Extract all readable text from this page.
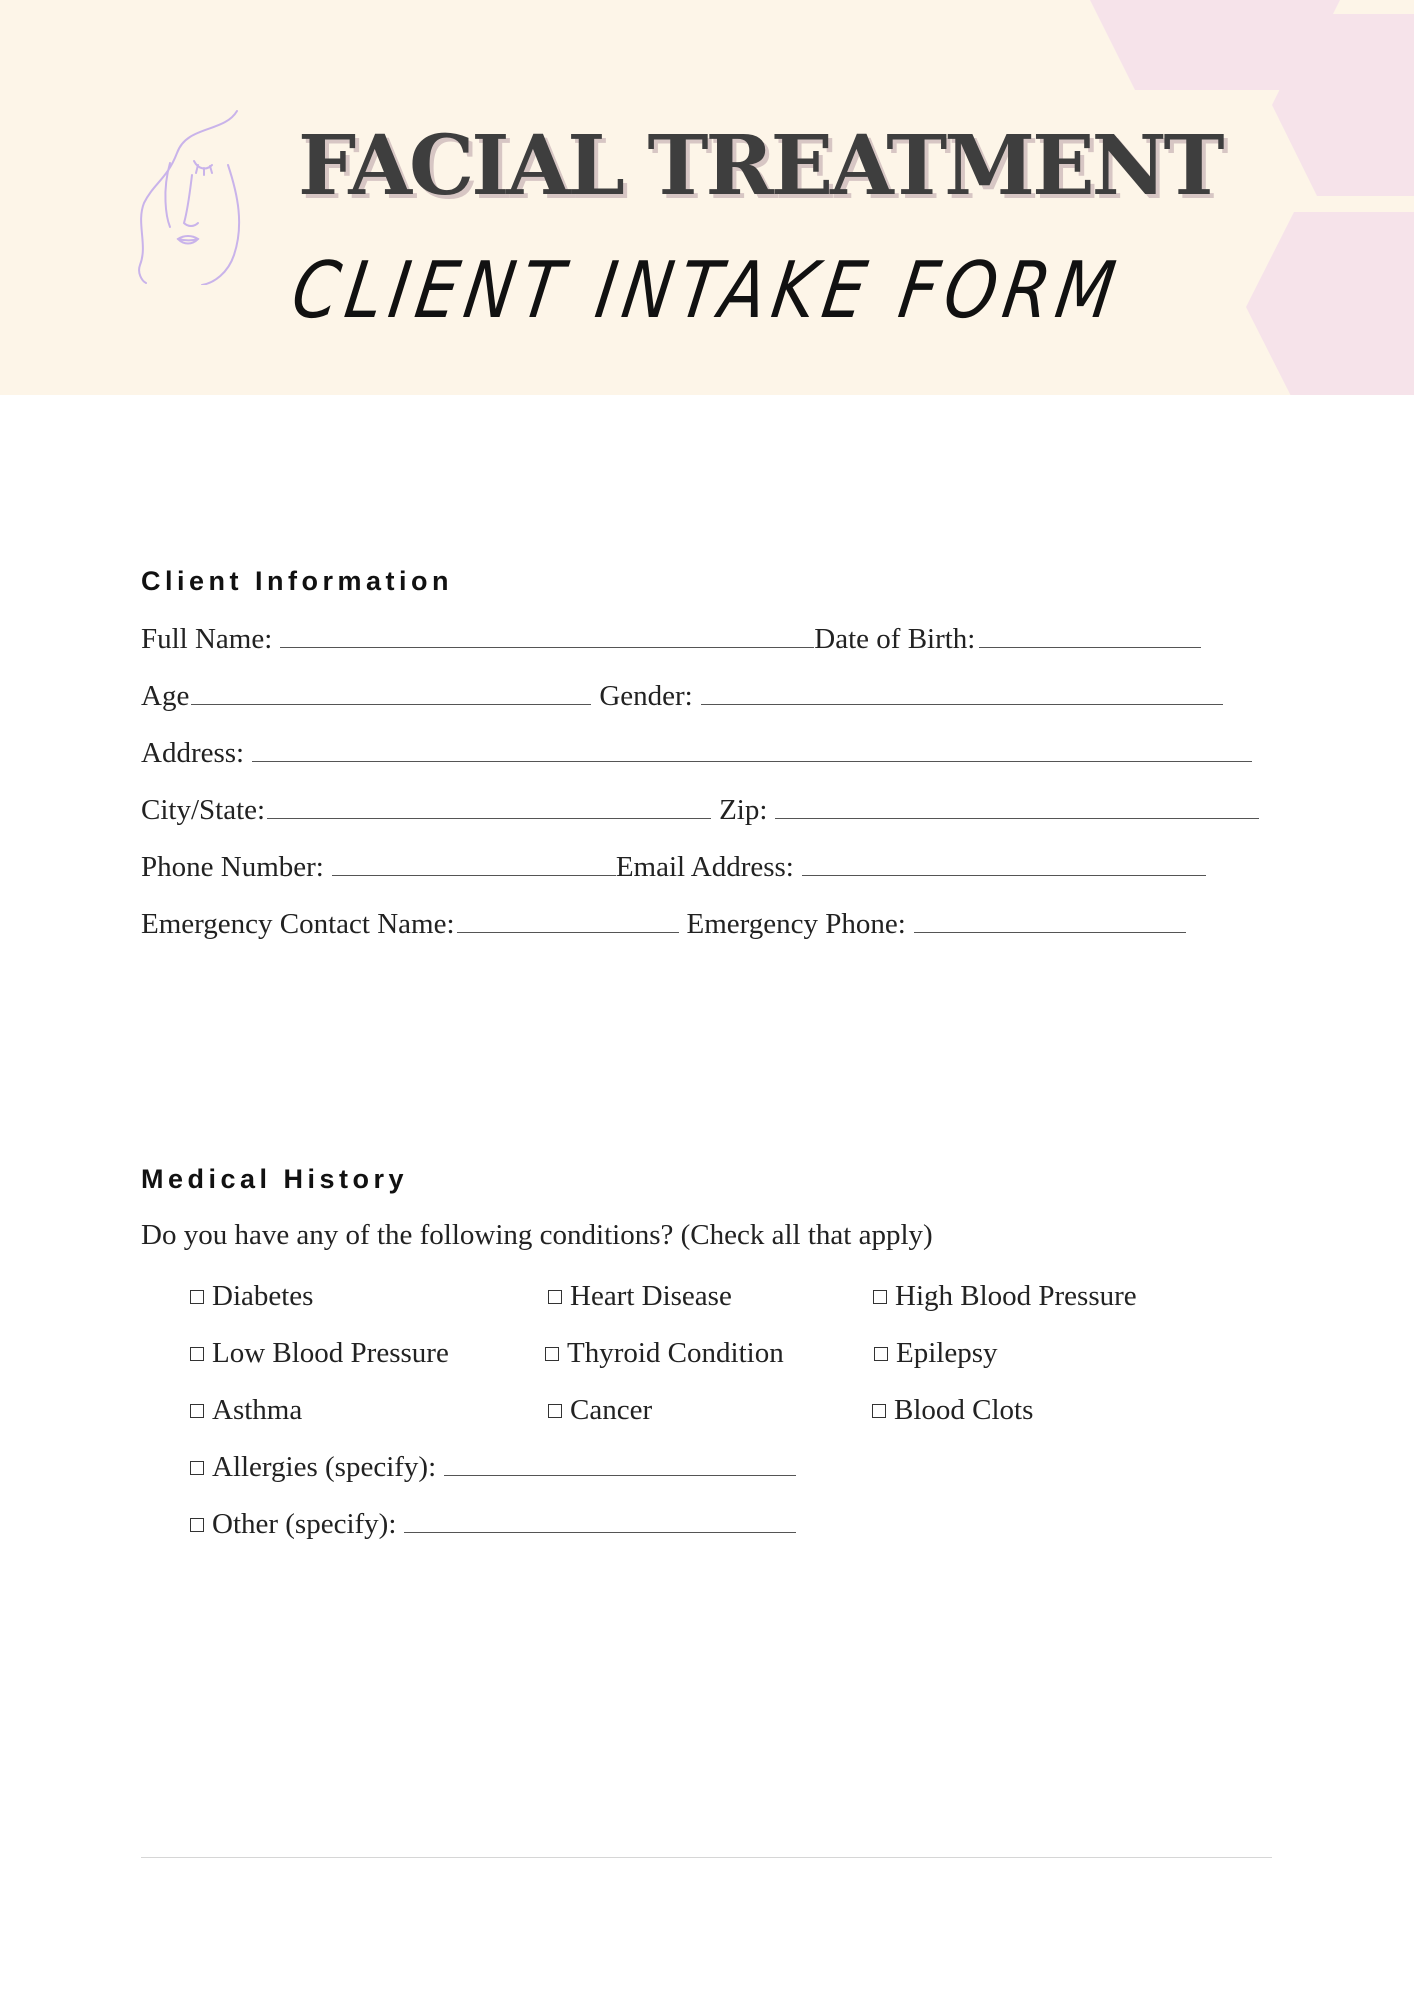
FACIAL TREATMENT
CLIENT INTAKE FORM
Client Information
Full Name:	Date of Birth:
Age	Gender:
Address:
City/State:	Zip:
Phone Number:	Email Address:
Emergency Contact Name:	Emergency Phone:
Medical History
Do you have any of the following conditions? (Check all that apply)
Diabetes	Heart Disease	High Blood Pressure
Low Blood Pressure	Thyroid Condition	Epilepsy
Asthma	Cancer	Blood Clots
Allergies (specify):
Other (specify):
